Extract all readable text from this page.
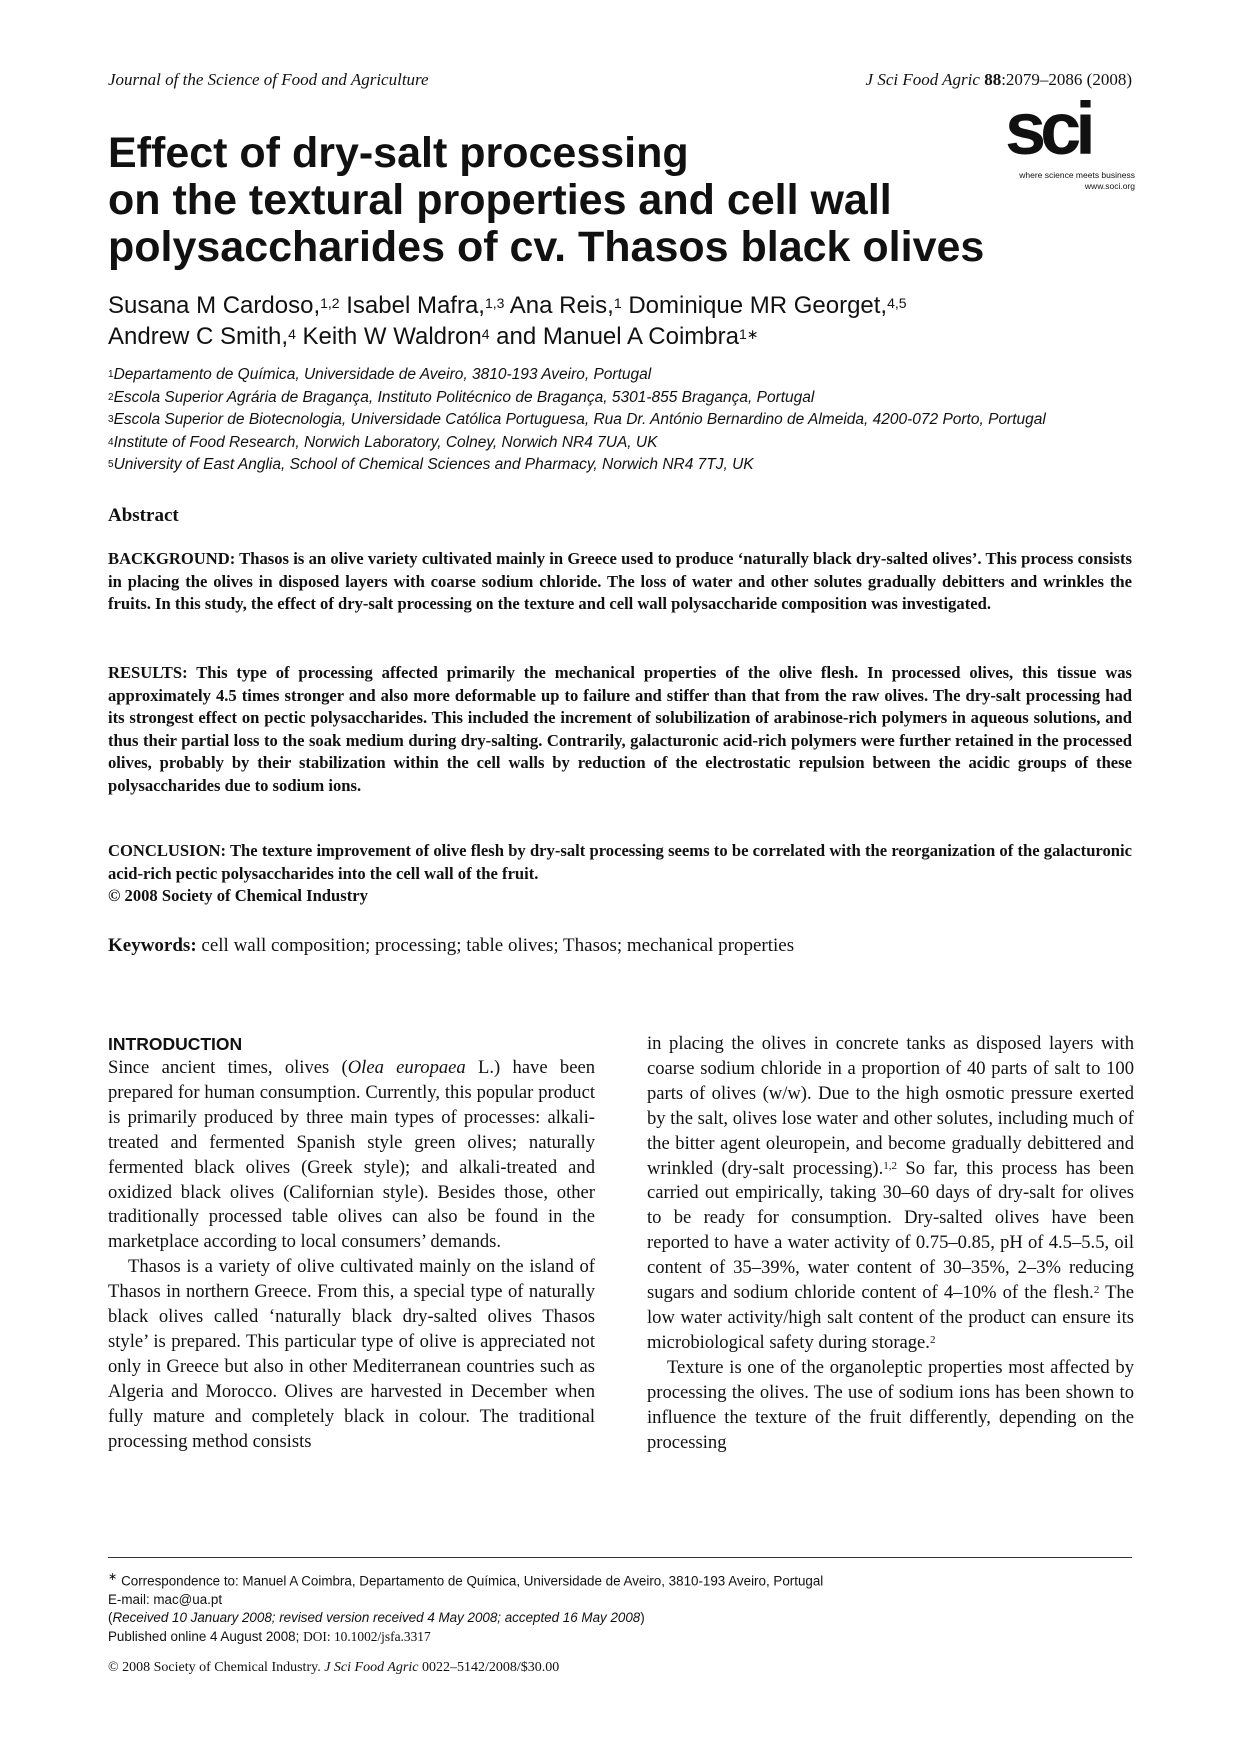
Journal of the Science of Food and Agriculture	J Sci Food Agric 88:2079–2086 (2008)
sci
where science meets business
www.soci.org
Effect of dry-salt processing
on the textural properties and cell wall
polysaccharides of cv. Thasos black olives
Susana M Cardoso,$^{1,2}$ Isabel Mafra,$^{1,3}$ Ana Reis,$^1$ Dominique MR Georget,$^{4,5}$
Andrew C Smith,$^4$ Keith W Waldron$^4$ and Manuel A Coimbra$^{1∗}$
$^1$Departamento de Química, Universidade de Aveiro, 3810-193 Aveiro, Portugal
$^2$Escola Superior Agrária de Bragança, Instituto Politécnico de Bragança, 5301-855 Bragança, Portugal
$^3$Escola Superior de Biotecnologia, Universidade Católica Portuguesa, Rua Dr. António Bernardino de Almeida, 4200-072 Porto, Portugal
$^4$Institute of Food Research, Norwich Laboratory, Colney, Norwich NR4 7UA, UK
$^5$University of East Anglia, School of Chemical Sciences and Pharmacy, Norwich NR4 7TJ, UK
Abstract

BACKGROUND: Thasos is an olive variety cultivated mainly in Greece used to produce ‘naturally black dry-salted olives’. This process consists in placing the olives in disposed layers with coarse sodium chloride. The loss of water and other solutes gradually debitters and wrinkles the fruits. In this study, the effect of dry-salt processing on the texture and cell wall polysaccharide composition was investigated.

RESULTS: This type of processing affected primarily the mechanical properties of the olive flesh. In processed olives, this tissue was approximately 4.5 times stronger and also more deformable up to failure and stiffer than that from the raw olives. The dry-salt processing had its strongest effect on pectic polysaccharides. This included the increment of solubilization of arabinose-rich polymers in aqueous solutions, and thus their partial loss to the soak medium during dry-salting. Contrarily, galacturonic acid-rich polymers were further retained in the processed olives, probably by their stabilization within the cell walls by reduction of the electrostatic repulsion between the acidic groups of these polysaccharides due to sodium ions.

CONCLUSION: The texture improvement of olive flesh by dry-salt processing seems to be correlated with the reorganization of the galacturonic acid-rich pectic polysaccharides into the cell wall of the fruit.
© 2008 Society of Chemical Industry

Keywords: cell wall composition; processing; table olives; Thasos; mechanical properties
INTRODUCTION

Since ancient times, olives (Olea europaea L.) have been prepared for human consumption. Currently, this popular product is primarily produced by three main types of processes: alkali-treated and fermented Spanish style green olives; naturally fermented black olives (Greek style); and alkali-treated and oxidized black olives (Californian style). Besides those, other traditionally processed table olives can also be found in the marketplace according to local consumers’ demands.

Thasos is a variety of olive cultivated mainly on the island of Thasos in northern Greece. From this, a special type of naturally black olives called ‘naturally black dry-salted olives Thasos style’ is prepared. This particular type of olive is appreciated not only in Greece but also in other Mediterranean countries such as Algeria and Morocco. Olives are harvested in December when fully mature and completely black in colour. The traditional processing method consists

in placing the olives in concrete tanks as disposed layers with coarse sodium chloride in a proportion of 40 parts of salt to 100 parts of olives (w/w). Due to the high osmotic pressure exerted by the salt, olives lose water and other solutes, including much of the bitter agent oleuropein, and become gradually debittered and wrinkled (dry-salt processing).$^{1,2}$ So far, this process has been carried out empirically, taking 30–60 days of dry-salt for olives to be ready for consumption. Dry-salted olives have been reported to have a water activity of 0.75–0.85, pH of 4.5–5.5, oil content of 35–39%, water content of 30–35%, 2–3% reducing sugars and sodium chloride content of 4–10% of the flesh.$^2$ The low water activity/high salt content of the product can ensure its microbiological safety during storage.$^2$

Texture is one of the organoleptic properties most affected by processing the olives. The use of sodium ions has been shown to influence the texture of the fruit differently, depending on the processing

∗ Correspondence to: Manuel A Coimbra, Departamento de Química, Universidade de Aveiro, 3810-193 Aveiro, Portugal
E-mail: mac@ua.pt
(Received 10 January 2008; revised version received 4 May 2008; accepted 16 May 2008)
Published online 4 August 2008; DOI: 10.1002/jsfa.3317
© 2008 Society of Chemical Industry. J Sci Food Agric 0022–5142/2008/$30.00
